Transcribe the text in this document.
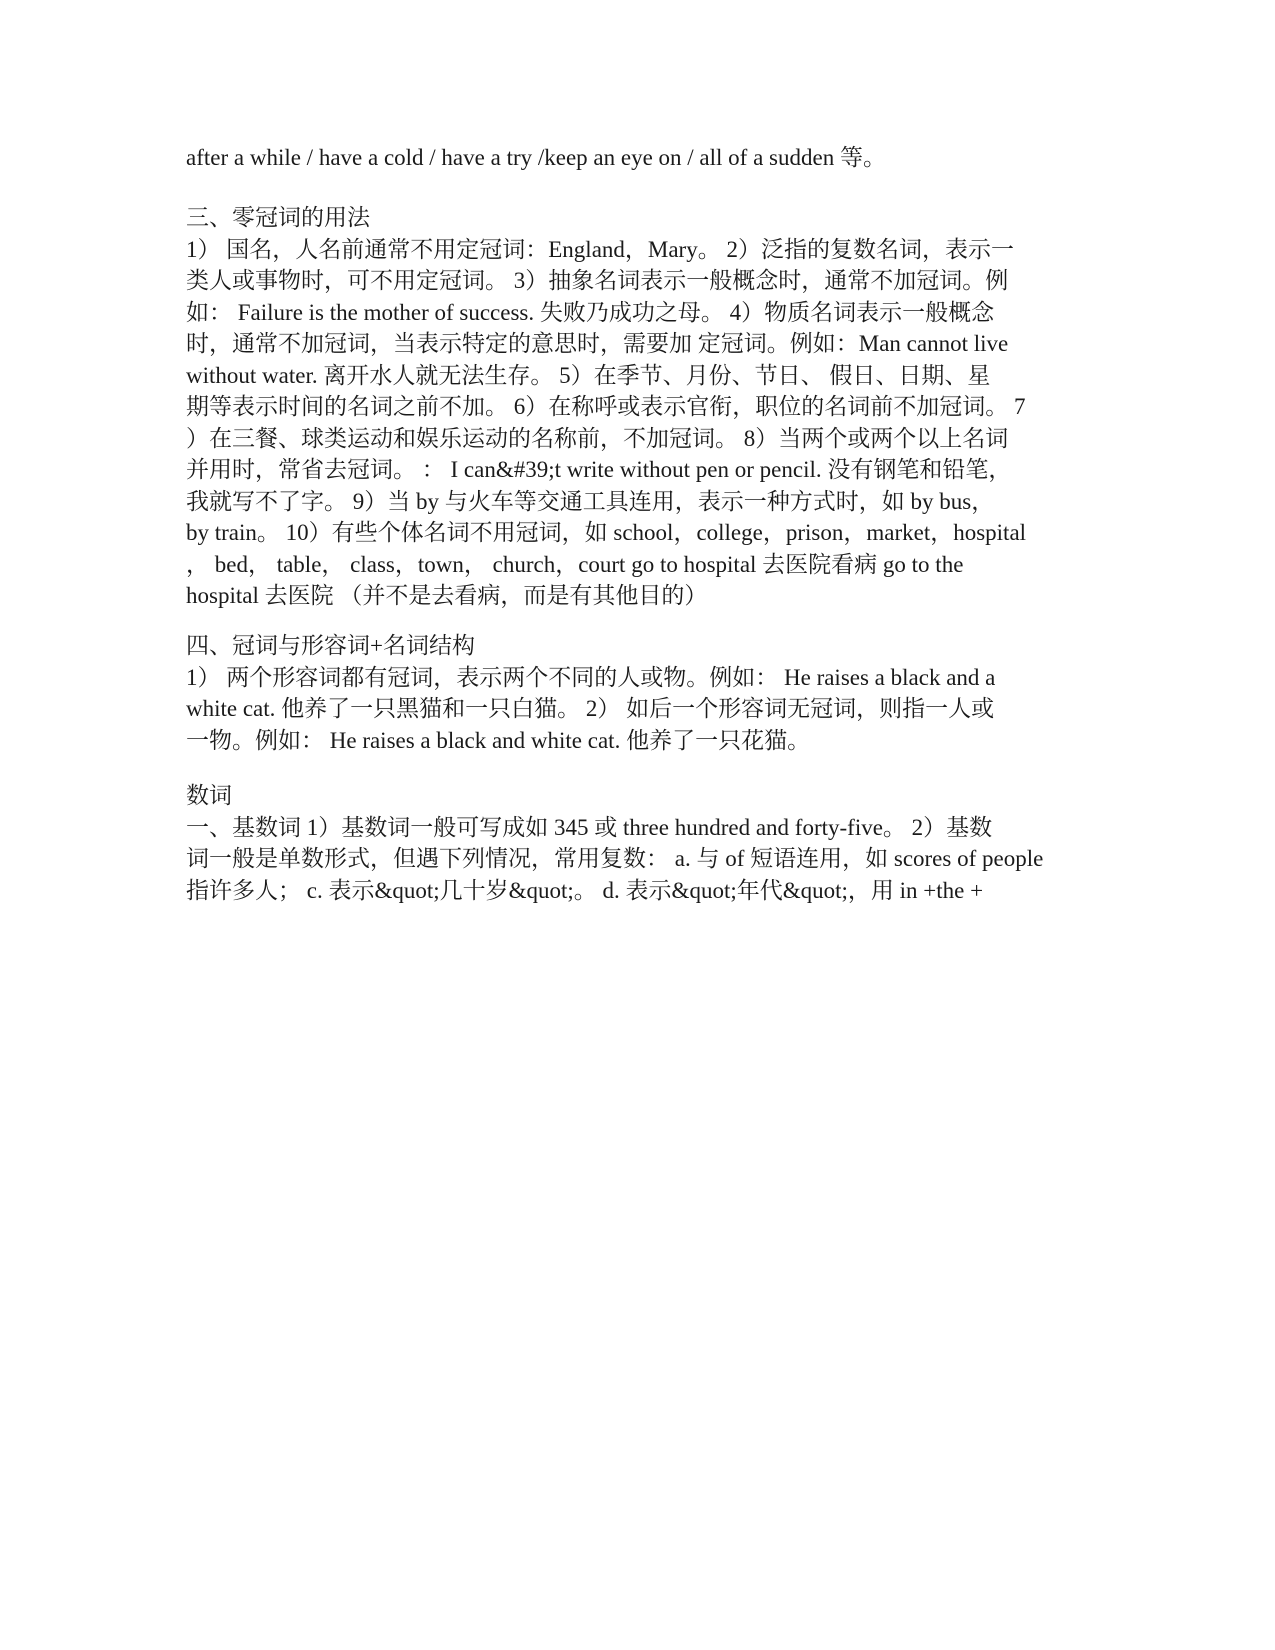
after a while / have a cold / have a try /keep an eye on / all of a sudden 等。
三、零冠词的用法
1） 国名，人名前通常不用定冠词：England，Mary。 2）泛指的复数名词，表示一
类人或事物时，可不用定冠词。 3）抽象名词表示一般概念时，通常不加冠词。例
如： Failure is the mother of success. 失败乃成功之母。 4）物质名词表示一般概念
时，通常不加冠词，当表示特定的意思时，需要加 定冠词。例如：Man cannot live
without water. 离开水人就无法生存。 5）在季节、月份、节日、 假日、日期、星
期等表示时间的名词之前不加。 6）在称呼或表示官衔，职位的名词前不加冠词。 7
）在三餐、球类运动和娱乐运动的名称前，不加冠词。 8）当两个或两个以上名词
并用时，常省去冠词。 ： I can&#39;t write without pen or pencil. 没有钢笔和铅笔，
我就写不了字。 9）当 by 与火车等交通工具连用，表示一种方式时，如 by bus，
by train。 10）有些个体名词不用冠词，如 school，college，prison，market，hospital
， bed， table， class，town， church，court go to hospital 去医院看病 go to the
hospital 去医院 （并不是去看病，而是有其他目的）
四、冠词与形容词+名词结构
1） 两个形容词都有冠词，表示两个不同的人或物。例如： He raises a black and a
white cat. 他养了一只黑猫和一只白猫。 2） 如后一个形容词无冠词，则指一人或
一物。例如： He raises a black and white cat. 他养了一只花猫。
数词
一、基数词 1）基数词一般可写成如 345 或 three hundred and forty-five。 2）基数
词一般是单数形式，但遇下列情况，常用复数： a. 与 of 短语连用，如 scores of people
指许多人； c. 表示&quot;几十岁&quot;。 d. 表示&quot;年代&quot;，用 in +the +
